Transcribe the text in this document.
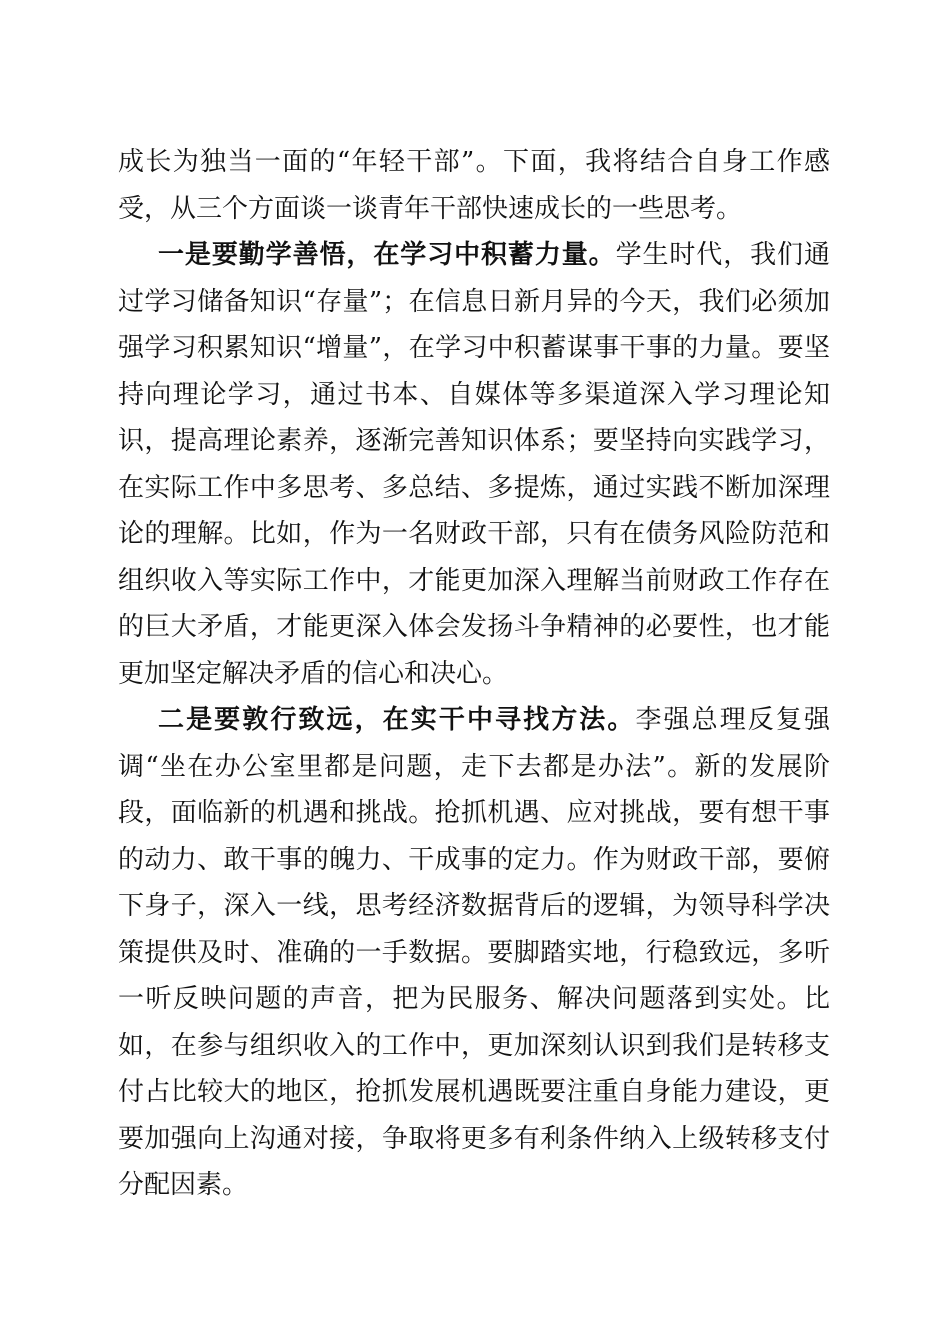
成长为独当一面的“年轻干部”。下面，我将结合自身工作感受，从三个方面谈一谈青年干部快速成长的一些思考。

一是要勤学善悟，在学习中积蓄力量。学生时代，我们通过学习储备知识“存量”；在信息日新月异的今天，我们必须加强学习积累知识“增量”，在学习中积蓄谋事干事的力量。要坚持向理论学习，通过书本、自媒体等多渠道深入学习理论知识，提高理论素养，逐渐完善知识体系；要坚持向实践学习，在实际工作中多思考、多总结、多提炼，通过实践不断加深理论的理解。比如，作为一名财政干部，只有在债务风险防范和组织收入等实际工作中，才能更加深入理解当前财政工作存在的巨大矛盾，才能更深入体会发扬斗争精神的必要性，也才能更加坚定解决矛盾的信心和决心。

二是要敦行致远，在实干中寻找方法。李强总理反复强调“坐在办公室里都是问题，走下去都是办法”。新的发展阶段，面临新的机遇和挑战。抢抓机遇、应对挑战，要有想干事的动力、敢干事的魄力、干成事的定力。作为财政干部，要俯下身子，深入一线，思考经济数据背后的逻辑，为领导科学决策提供及时、准确的一手数据。要脚踏实地，行稳致远，多听一听反映问题的声音，把为民服务、解决问题落到实处。比如，在参与组织收入的工作中，更加深刻认识到我们是转移支付占比较大的地区，抢抓发展机遇既要注重自身能力建设，更要加强向上沟通对接，争取将更多有利条件纳入上级转移支付分配因素。
